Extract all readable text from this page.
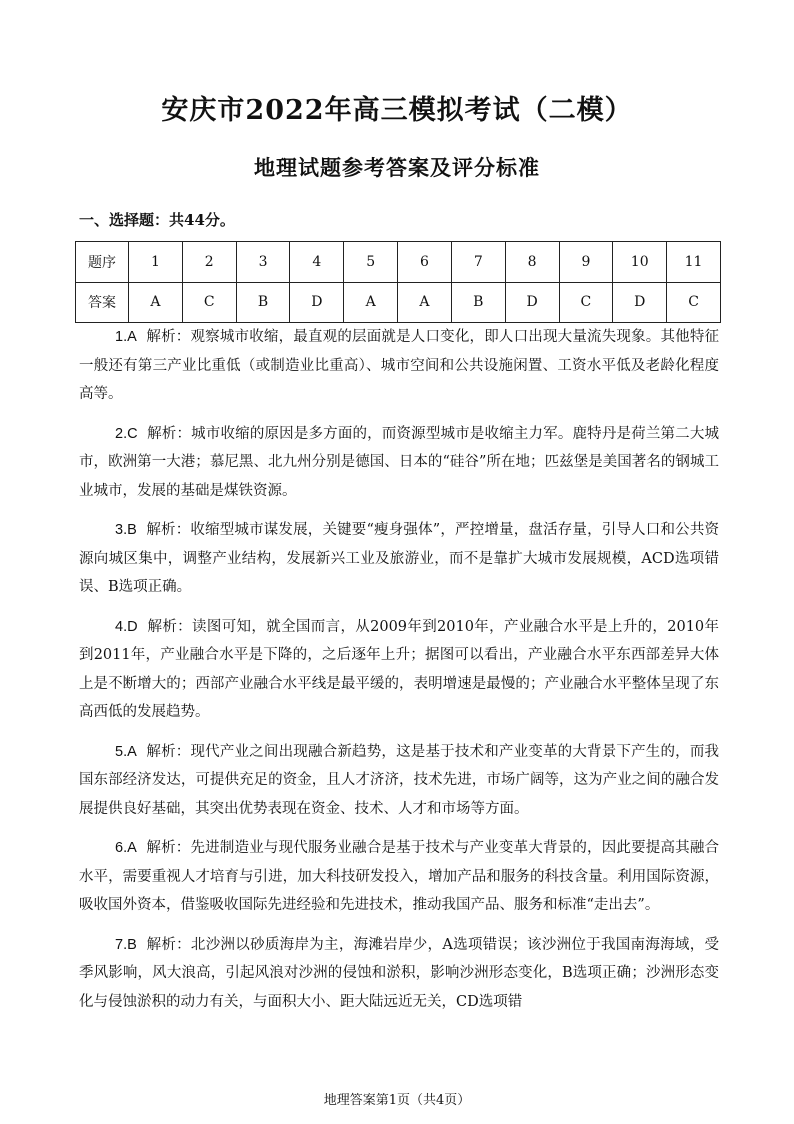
安庆市2022年高三模拟考试（二模）
地理试题参考答案及评分标准
一、选择题：共44分。
题序	1	2	3	4	5	6	7	8	9	10	11
答案	A	C	B	D	A	A	B	D	C	D	C

1.A 解析：观察城市收缩，最直观的层面就是人口变化，即人口出现大量流失现象。其他特征一般还有第三产业比重低（或制造业比重高）、城市空间和公共设施闲置、工资水平低及老龄化程度高等。

2.C 解析：城市收缩的原因是多方面的，而资源型城市是收缩主力军。鹿特丹是荷兰第二大城市，欧洲第一大港；慕尼黑、北九州分别是德国、日本的“硅谷”所在地；匹兹堡是美国著名的钢城工业城市，发展的基础是煤铁资源。

3.B 解析：收缩型城市谋发展，关键要“瘦身强体”，严控增量，盘活存量，引导人口和公共资源向城区集中，调整产业结构，发展新兴工业及旅游业，而不是靠扩大城市发展规模，ACD选项错误、B选项正确。

4.D 解析：读图可知，就全国而言，从2009年到2010年，产业融合水平是上升的，2010年到2011年，产业融合水平是下降的，之后逐年上升；据图可以看出，产业融合水平东西部差异大体上是不断增大的；西部产业融合水平线是最平缓的，表明增速是最慢的；产业融合水平整体呈现了东高西低的发展趋势。

5.A 解析：现代产业之间出现融合新趋势，这是基于技术和产业变革的大背景下产生的，而我国东部经济发达，可提供充足的资金，且人才济济，技术先进，市场广阔等，这为产业之间的融合发展提供良好基础，其突出优势表现在资金、技术、人才和市场等方面。

6.A 解析：先进制造业与现代服务业融合是基于技术与产业变革大背景的，因此要提高其融合水平，需要重视人才培育与引进，加大科技研发投入，增加产品和服务的科技含量。利用国际资源，吸收国外资本，借鉴吸收国际先进经验和先进技术，推动我国产品、服务和标准“走出去”。

7.B 解析：北沙洲以砂质海岸为主，海滩岩岸少，A选项错误；该沙洲位于我国南海海域，受季风影响，风大浪高，引起风浪对沙洲的侵蚀和淤积，影响沙洲形态变化，B选项正确；沙洲形态变化与侵蚀淤积的动力有关，与面积大小、距大陆远近无关，CD选项错

地理答案第1页（共4页）
